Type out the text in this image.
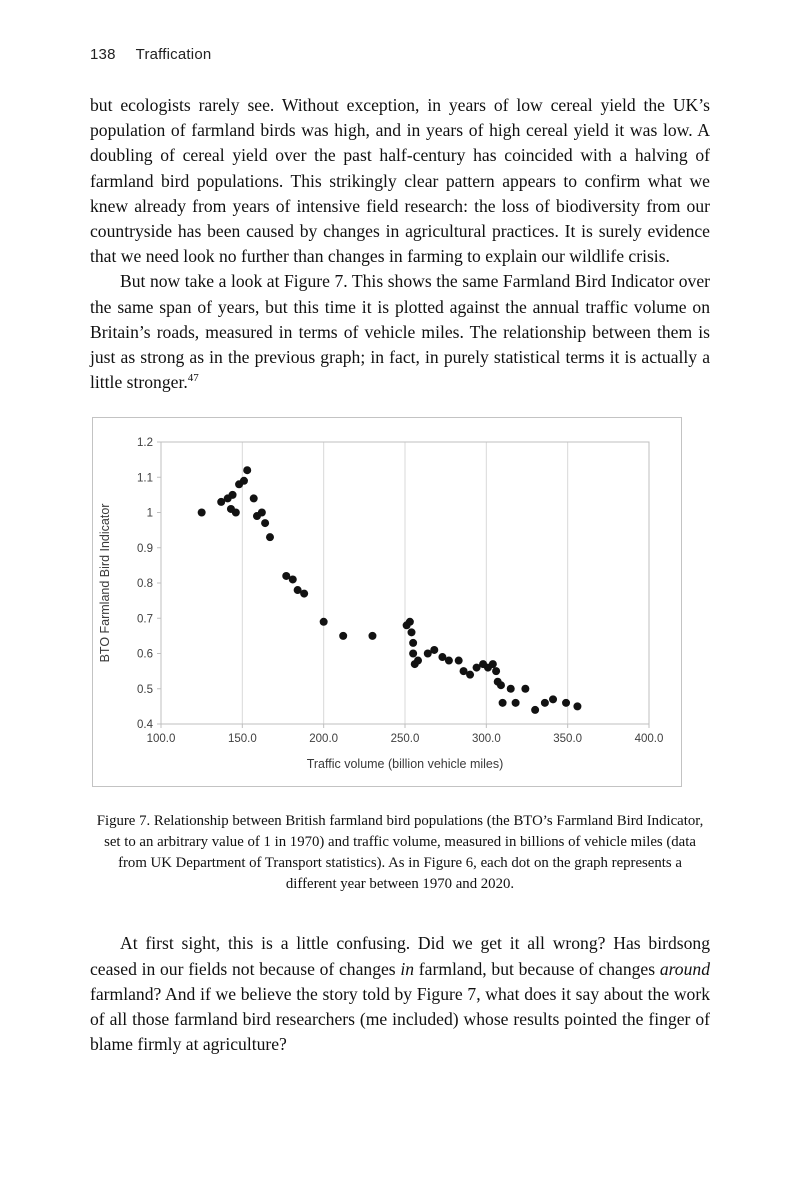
138 Traffication

but ecologists rarely see. Without exception, in years of low cereal yield the UK’s population of farmland birds was high, and in years of high cereal yield it was low. A doubling of cereal yield over the past half-century has coincided with a halving of farmland bird populations. This strikingly clear pattern appears to confirm what we knew already from years of intensive field research: the loss of biodiversity from our countryside has been caused by changes in agricultural practices. It is surely evidence that we need look no further than changes in farming to explain our wildlife crisis.

But now take a look at Figure 7. This shows the same Farmland Bird Indicator over the same span of years, but this time it is plotted against the annual traffic volume on Britain’s roads, measured in terms of vehicle miles. The relationship between them is just as strong as in the previous graph; in fact, in purely statistical terms it is actually a little stronger.$^{47}$

100.0	150.0	200.0	250.0	300.0	350.0	400.0
0.4
0.5
0.6
0.7
0.8
0.9
1
1.1
1.2
Traffic volume (billion vehicle miles)
BTO Farmland Bird Indicator
Figure 7. Relationship between British farmland bird populations (the BTO’s Farmland Bird Indicator, set to an arbitrary value of 1 in 1970) and traffic volume, measured in billions of vehicle miles (data from UK Department of Transport statistics). As in Figure 6, each dot on the graph represents a different year between 1970 and 2020.

At first sight, this is a little confusing. Did we get it all wrong? Has birdsong ceased in our fields not because of changes in farmland, but because of changes around farmland? And if we believe the story told by Figure 7, what does it say about the work of all those farmland bird researchers (me included) whose results pointed the finger of blame firmly at agriculture?
